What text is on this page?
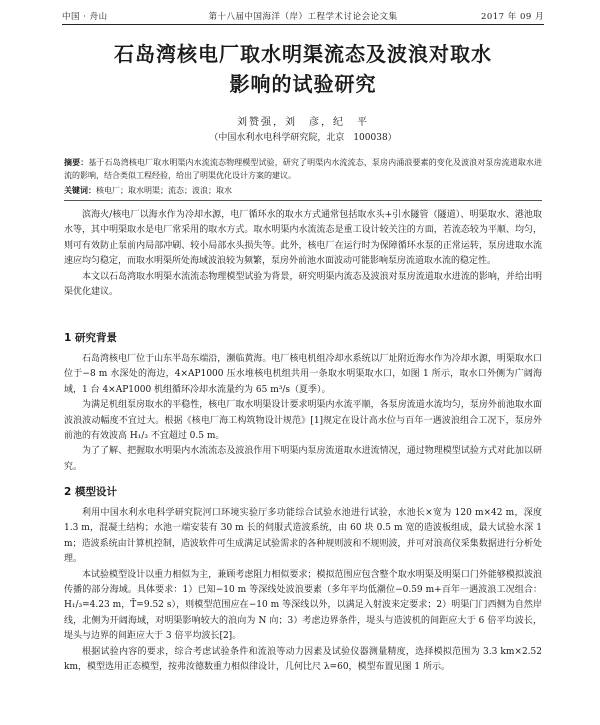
中国 · 舟山	第十八届中国海洋（岸）工程学术讨论会论文集	2017 年 09 月
石岛湾核电厂取水明渠流态及波浪对取水
影响的试验研究
刘赞强，刘　彦，纪　平
（中国水利水电科学研究院，北京　100038）
摘要：基于石岛湾核电厂取水明渠内水流流态物理模型试验，研究了明渠内水流流态，泵房内涌浪要素的变化及波浪对泵房流道取水进流的影响，结合类似工程经验，给出了明渠优化设计方案的建议。
关键词：核电厂；取水明渠；流态；波浪；取水

滨海火/核电厂以海水作为冷却水源，电厂循环水的取水方式通常包括取水头+引水隧管（隧道）、明渠取水、港池取水等，其中明渠取水是电厂常采用的取水方式。取水明渠内水流流态是重工设计较关注的方面，若流态较为平顺、均匀，则可有效防止泵前内局部冲刷、较小局部水头损失等。此外，核电厂在运行时为保障循环水泵的正常运转，泵房进取水流速应均匀稳定，而取水明渠所处海域波浪较为频繁，泵房外前池水面波动可能影响泵房流道取水流的稳定性。

本文以石岛湾取水明渠水流流态物理模型试验为背景，研究明渠内流态及波浪对泵房流道取水进流的影响，并给出明渠优化建议。

1 研究背景

石岛湾核电厂位于山东半岛东端沿，濒临黄海。电厂核电机组冷却水系统以厂址附近海水作为冷却水源，明渠取水口位于−8 m 水深处的海边，4×AP1000 压水堆核电机组共用一条取水明渠取水口，如图 1 所示，取水口外侧为广阔海域，1 台 4×AP1000 机组循环冷却水流量约为 65 m³/s（夏季）。

为满足机组泵房取水的平稳性，核电厂取水明渠设计要求明渠内水流平顺，各泵房流道水流均匀，泵房外前池取水面波浪波动幅度不宜过大。根据《核电厂海工构筑物设计规范》[1]规定在设计高水位与百年一遇波浪组合工况下，泵房外前池的有效波高 H₁/₃ 不宜超过 0.5 m。

为了了解、把握取水明渠内水流流态及波浪作用下明渠内泵房流道取水进流情况，通过物理模型试验方式对此加以研究。

2 模型设计

利用中国水利水电科学研究院河口环境实验厅多功能综合试验水池进行试验，水池长×宽为 120 m×42 m，深度 1.3 m，混凝土结构；水池一端安装有 30 m 长的伺服式造波系统，由 60 块 0.5 m 宽的造波板组成，最大试验水深 1 m；造波系统由计算机控制，造波软件可生成满足试验需求的各种规则波和不规则波，并可对浪高仪采集数据进行分析处理。

本试验模型设计以重力相似为主，兼顾考虑阻力相似要求；模拟范围应包含整个取水明渠及明渠口门外能够模拟波浪传播的部分海域。具体要求：1）已知−10 m 等深线处波浪要素（多年平均低潮位−0.59 m+百年一遇波浪工况组合：H₁/₃=4.23 m，T̄=9.52 s），则模型范围应在−10 m 等深线以外，以满足入射波来定要求；2）明渠门门西侧为自然岸线，北侧为开阔海域，对明渠影响较大的浪向为 N 向；3）考虑边界条件，堤头与造波机的间距应大于 6 倍平均波长，堤头与边界的间距应大于 3 倍平均波长[2]。

根据试验内容的要求，综合考虑试验条件和流浪等动力因素及试验仪器测量精度，选择模拟范围为 3.3 km×2.52 km，模型选用正态模型，按弗汝德数重力相似律设计，几何比尺 λ=60，模型布置见图 1 所示。
